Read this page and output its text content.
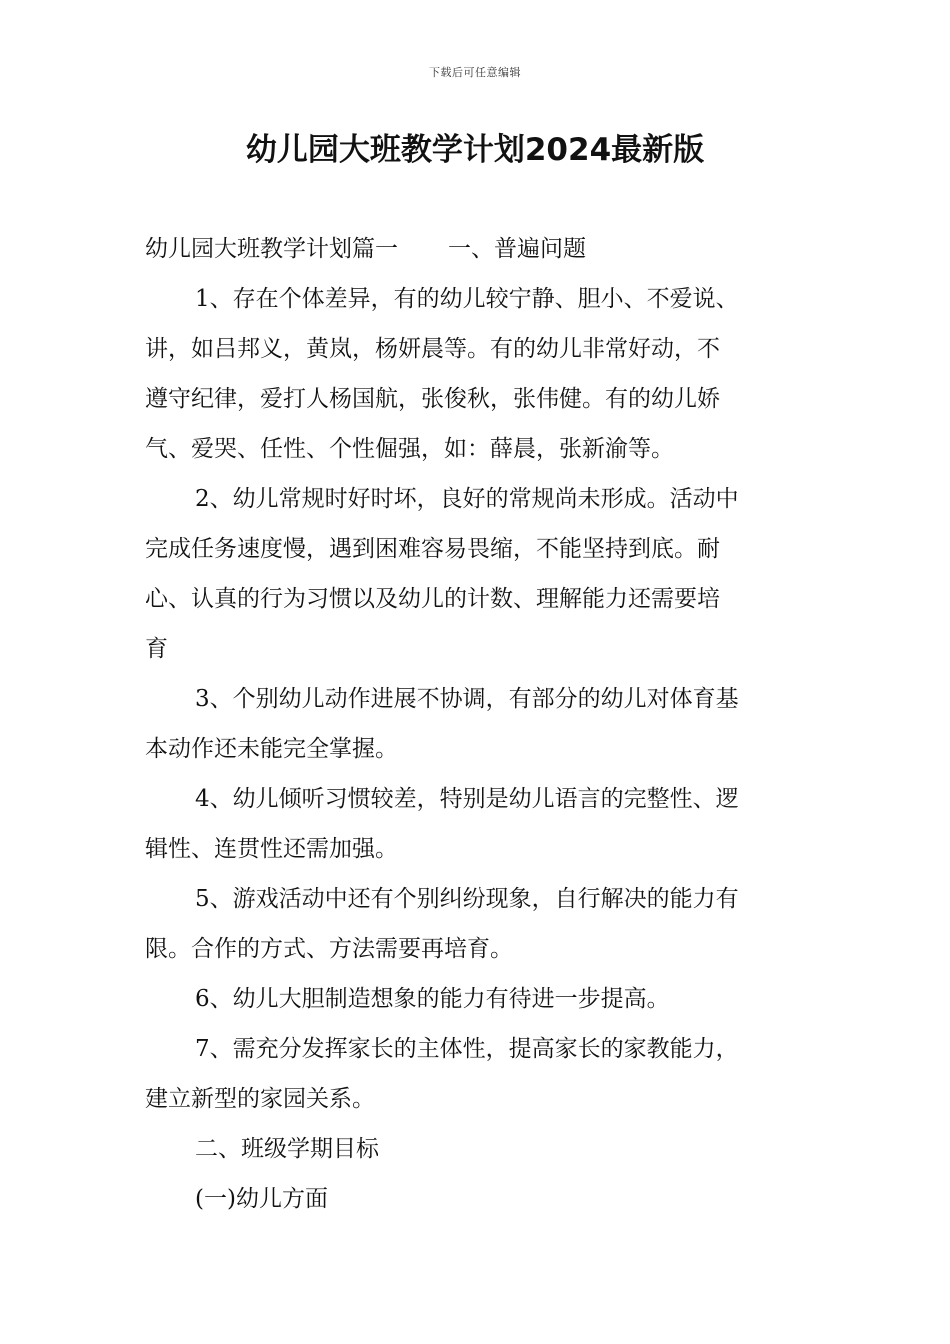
下载后可任意编辑
幼儿园大班教学计划2024最新版
幼儿园大班教学计划篇一 一、普遍问题
1、存在个体差异，有的幼儿较宁静、胆小、不爱说、
讲，如吕邦义，黄岚，杨妍晨等。有的幼儿非常好动，不
遵守纪律，爱打人杨国航，张俊秋，张伟健。有的幼儿娇
气、爱哭、任性、个性倔强，如：薛晨，张新渝等。
2、幼儿常规时好时坏，良好的常规尚未形成。活动中
完成任务速度慢，遇到困难容易畏缩，不能坚持到底。耐
心、认真的行为习惯以及幼儿的计数、理解能力还需要培
育
3、个别幼儿动作进展不协调，有部分的幼儿对体育基
本动作还未能完全掌握。
4、幼儿倾听习惯较差，特别是幼儿语言的完整性、逻
辑性、连贯性还需加强。
5、游戏活动中还有个别纠纷现象，自行解决的能力有
限。合作的方式、方法需要再培育。
6、幼儿大胆制造想象的能力有待进一步提高。
7、需充分发挥家长的主体性，提高家长的家教能力，
建立新型的家园关系。
二、班级学期目标
(一)幼儿方面
